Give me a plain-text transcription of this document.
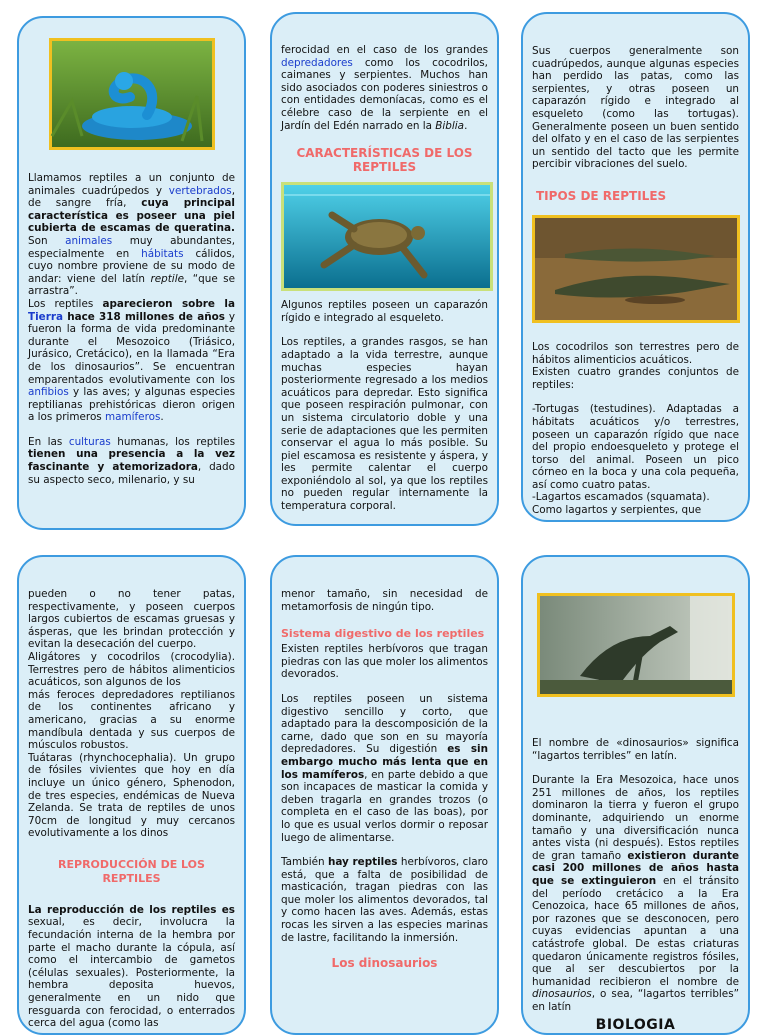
Llamamos reptiles a un conjunto de animales cuadrúpedos y vertebrados, de sangre fría, cuya principal característica es poseer una piel cubierta de escamas de queratina. Son animales muy abundantes, especialmente en hábitats cálidos, cuyo nombre proviene de su modo de andar: viene del latín reptile, “que se arrastra”.

Los reptiles aparecieron sobre la Tierra hace 318 millones de años y fueron la forma de vida predominante durante el Mesozoico (Triásico, Jurásico, Cretácico), en la llamada “Era de los dinosaurios”. Se encuentran emparentados evolutivamente con los anfibios y las aves; y algunas especies reptilianas prehistóricas dieron origen a los primeros mamíferos.

En las culturas humanas, los reptiles tienen una presencia a la vez fascinante y atemorizadora, dado su aspecto seco, milenario, y su

ferocidad en el caso de los grandes depredadores como los cocodrilos, caimanes y serpientes. Muchos han sido asociados con poderes siniestros o con entidades demoníacas, como es el célebre caso de la serpiente en el Jardín del Edén narrado en la Biblia.

CARACTERÍSTICAS DE LOS REPTILES

Algunos reptiles poseen un caparazón rígido e integrado al esqueleto.

Los reptiles, a grandes rasgos, se han adaptado a la vida terrestre, aunque muchas especies hayan posteriormente regresado a los medios acuáticos para depredar. Esto significa que poseen respiración pulmonar, con un sistema circulatorio doble y una serie de adaptaciones que les permiten conservar el agua lo más posible. Su piel escamosa es resistente y áspera, y les permite calentar el cuerpo exponiéndolo al sol, ya que los reptiles no pueden regular internamente la temperatura corporal.

Sus cuerpos generalmente son cuadrúpedos, aunque algunas especies han perdido las patas, como las serpientes, y otras poseen un caparazón rígido e integrado al esqueleto (como las tortugas). Generalmente poseen un buen sentido del olfato y en el caso de las serpientes un sentido del tacto que les permite percibir vibraciones del suelo.

TIPOS DE REPTILES

Los cocodrilos son terrestres pero de hábitos alimenticios acuáticos.
Existen cuatro grandes conjuntos de reptiles:

-Tortugas (testudines). Adaptadas a hábitats acuáticos y/o terrestres, poseen un caparazón rígido que nace del propio endoesqueleto y protege el torso del animal. Poseen un pico córneo en la boca y una cola pequeña, así como cuatro patas.
-Lagartos escamados (squamata).
Como lagartos y serpientes, que

pueden o no tener patas, respectivamente, y poseen cuerpos largos cubiertos de escamas gruesas y ásperas, que les brindan protección y evitan la desecación del cuerpo.
Aligátores y cocodrilos (crocodylia). Terrestres pero de hábitos alimenticios acuáticos, son algunos de los
más feroces depredadores reptilianos de los continentes africano y americano, gracias a su enorme mandíbula dentada y sus cuerpos de músculos robustos.
Tuátaras (rhynchocephalia). Un grupo de fósiles vivientes que hoy en día incluye un único género, Sphenodon, de tres especies, endémicas de Nueva Zelanda. Se trata de reptiles de unos 70cm de longitud y muy cercanos evolutivamente a los dinos

REPRODUCCIÓN DE LOS REPTILES

La reproducción de los reptiles es sexual, es decir, involucra la fecundación interna de la hembra por parte el macho durante la cópula, así como el intercambio de gametos (células sexuales). Posteriormente, la hembra deposita huevos, generalmente en un nido que resguarda con ferocidad, o enterrados cerca del agua (como las

menor tamaño, sin necesidad de metamorfosis de ningún tipo.

Sistema digestivo de los reptiles

Existen reptiles herbívoros que tragan piedras con las que moler los alimentos devorados.

Los reptiles poseen un sistema digestivo sencillo y corto, que adaptado para la descomposición de la carne, dado que son en su mayoría depredadores. Su digestión es sin embargo mucho más lenta que en los mamíferos, en parte debido a que son incapaces de masticar la comida y deben tragarla en grandes trozos (o completa en el caso de las boas), por lo que es usual verlos dormir o reposar luego de alimentarse.

También hay reptiles herbívoros, claro está, que a falta de posibilidad de masticación, tragan piedras con las que moler los alimentos devorados, tal y como hacen las aves. Además, estas rocas les sirven a las especies marinas de lastre, facilitando la inmersión.

Los dinosaurios

El nombre de «dinosaurios» significa “lagartos terribles” en latín.

Durante la Era Mesozoica, hace unos 251 millones de años, los reptiles dominaron la tierra y fueron el grupo dominante, adquiriendo un enorme tamaño y una diversificación nunca antes vista (ni después). Estos reptiles de gran tamaño existieron durante casi 200 millones de años hasta que se extinguieron en el tránsito del período cretácico a la Era Cenozoica, hace 65 millones de años, por razones que se desconocen, pero cuyas evidencias apuntan a una catástrofe global. De estas criaturas quedaron únicamente registros fósiles, que al ser descubiertos por la humanidad recibieron el nombre de dinosaurios, o sea, “lagartos terribles” en latín

BIOLOGIA
